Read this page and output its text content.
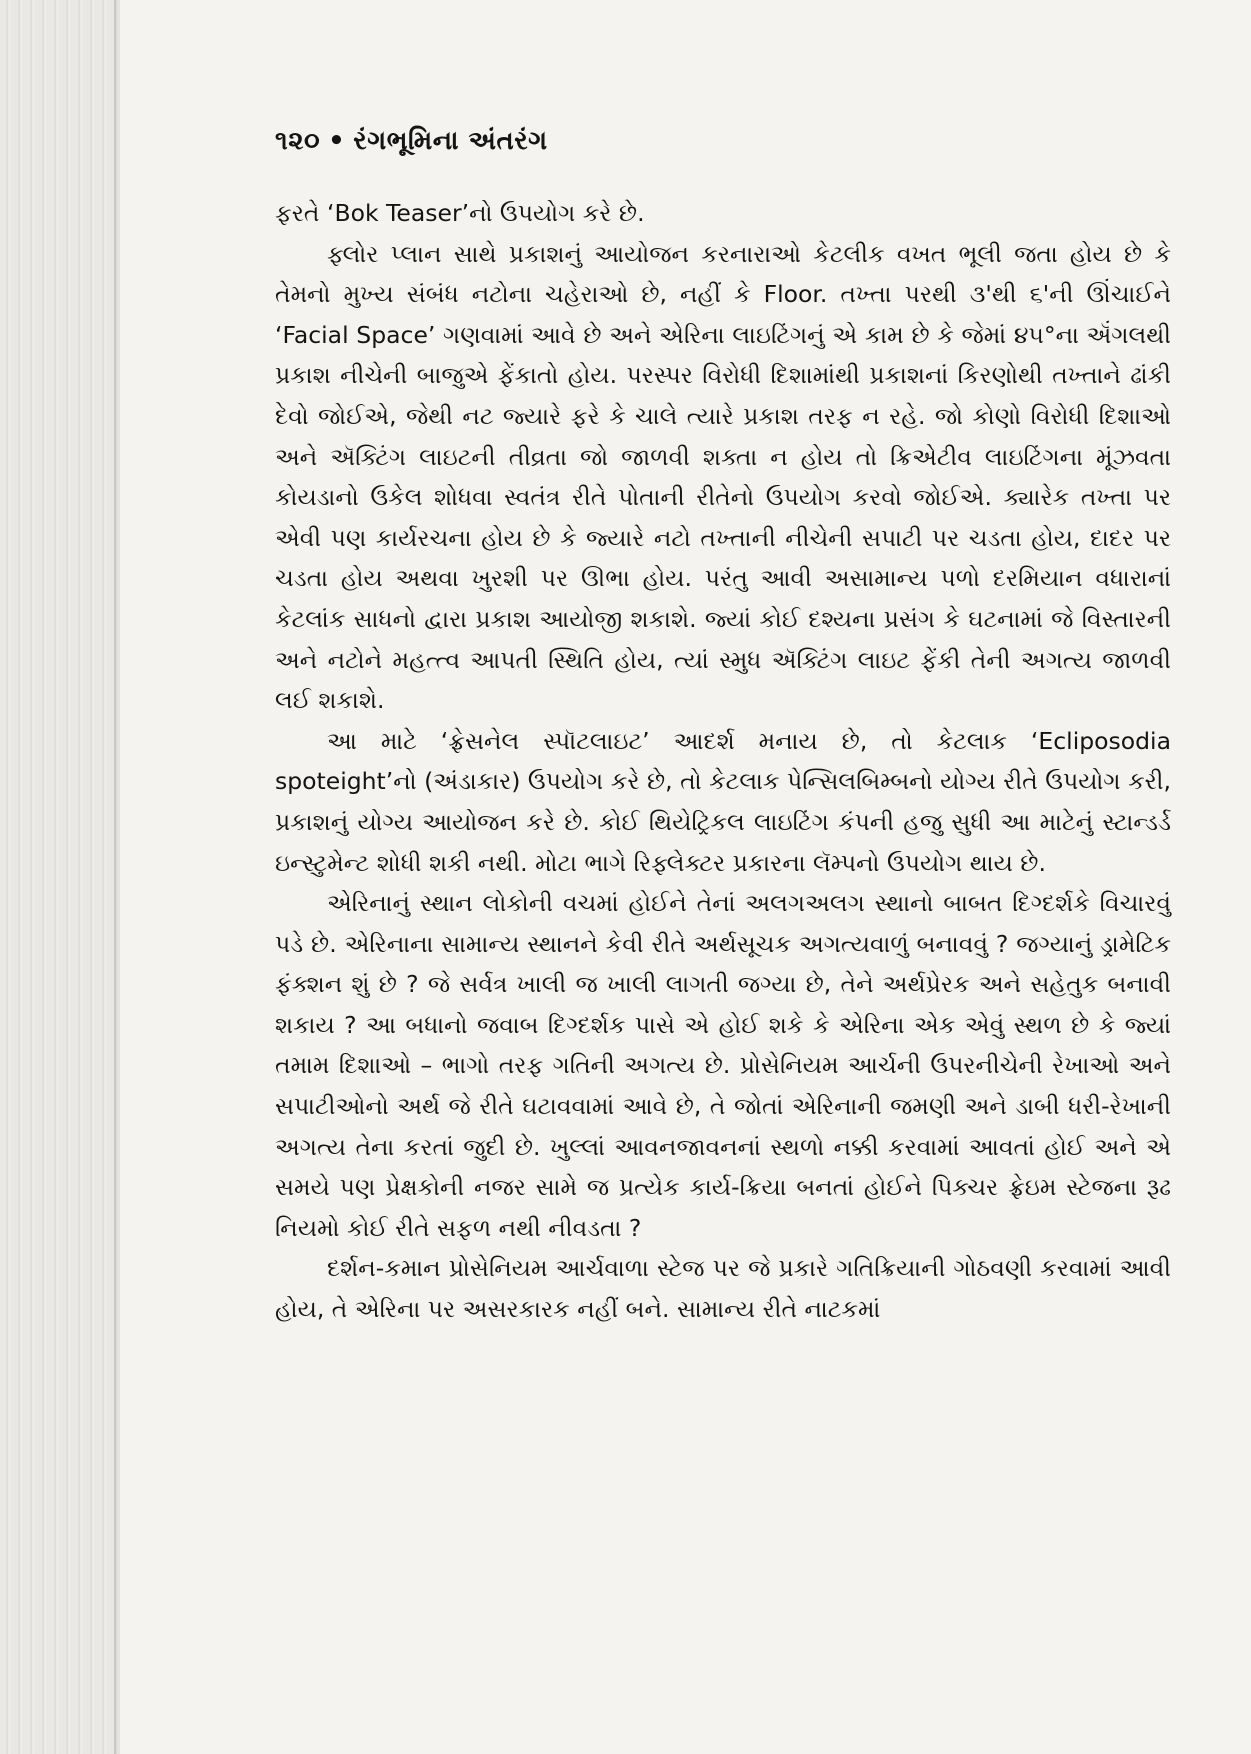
૧૨૦ • રંગભૂમિના અંતરંગ

ફરતે ‘Bok Teaser’નો ઉપયોગ કરે છે.

ફ્લોર પ્લાન સાથે પ્રકાશનું આયોજન કરનારાઓ કેટલીક વખત ભૂલી જતા હોય છે કે તેમનો મુખ્ય સંબંધ નટોના ચહેરાઓ છે, નહીં કે Floor. તખ્તા પરથી ૩'થી ૬'ની ઊંચાઈને ‘Facial Space’ ગણવામાં આવે છે અને એરિના લાઇટિંગનું એ કામ છે કે જેમાં ૪૫°ના ઍંગલથી પ્રકાશ નીચેની બાજુએ ફેંકાતો હોય. પરસ્પર વિરોધી દિશામાંથી પ્રકાશનાં કિરણોથી તખ્તાને ઢાંકી દેવો જોઈએ, જેથી નટ જ્યારે ફરે કે ચાલે ત્યારે પ્રકાશ તરફ ન રહે. જો કોણો વિરોધી દિશાઓ અને ઍક્ટિંગ લાઇટની તીવ્રતા જો જાળવી શક્તા ન હોય તો ક્રિએટીવ લાઇટિંગના મૂંઝવતા કોયડાનો ઉકેલ શોધવા સ્વતંત્ર રીતે પોતાની રીતેનો ઉપયોગ કરવો જોઈએ. ક્યારેક તખ્તા પર એવી પણ કાર્યરચના હોય છે કે જ્યારે નટો તખ્તાની નીચેની સપાટી પર ચડતા હોય, દાદર પર ચડતા હોય અથવા ખુરશી પર ઊભા હોય. પરંતુ આવી અસામાન્ય પળો દરમિયાન વધારાનાં કેટલાંક સાધનો દ્વારા પ્રકાશ આયોજી શકાશે. જ્યાં કોઈ દશ્યના પ્રસંગ કે ઘટનામાં જે વિસ્તારની અને નટોને મહત્ત્વ આપતી સ્થિતિ હોય, ત્યાં સ્મુધ ઍક્ટિંગ લાઇટ ફેંકી તેની અગત્ય જાળવી લઈ શકાશે.

આ માટે ‘ફ્રેસનેલ સ્પૉટલાઇટ’ આદર્શ મનાય છે, તો કેટલાક ‘Ecliposodia spoteight’નો (અંડાકાર) ઉપયોગ કરે છે, તો કેટલાક પેન્સિલબિમ્બનો યોગ્ય રીતે ઉપયોગ કરી, પ્રકાશનું યોગ્ય આયોજન કરે છે. કોઈ થિયેટ્રિકલ લાઇટિંગ કંપની હજુ સુધી આ માટેનું સ્ટાન્ડર્ડ ઇન્સ્ટુમેન્ટ શોધી શકી નથી. મોટા ભાગે રિફ્લેક્ટર પ્રકારના લૅમ્પનો ઉપયોગ થાય છે.

એરિનાનું સ્થાન લોકોની વચમાં હોઈને તેનાં અલગઅલગ સ્થાનો બાબત દિગ્દર્શકે વિચારવું પડે છે. એરિનાના સામાન્ય સ્થાનને કેવી રીતે અર્થસૂચક અગત્યવાળું બનાવવું ? જગ્યાનું ડ્રામેટિક ફંક્શન શું છે ? જે સર્વત્ર ખાલી જ ખાલી લાગતી જગ્યા છે, તેને અર્થપ્રેરક અને સહેતુક બનાવી શકાય ? આ બધાનો જવાબ દિગ્દર્શક પાસે એ હોઈ શકે કે એરિના એક એવું સ્થળ છે કે જ્યાં તમામ દિશાઓ – ભાગો તરફ ગતિની અગત્ય છે. પ્રોસેનિયમ આર્ચની ઉપરનીચેની રેખાઓ અને સપાટીઓનો અર્થ જે રીતે ઘટાવવામાં આવે છે, તે જોતાં એરિનાની જમણી અને ડાબી ધરી-રેખાની અગત્ય તેના કરતાં જુદી છે. ખુલ્લાં આવનજાવનનાં સ્થળો નક્કી કરવામાં આવતાં હોઈ અને એ સમયે પણ પ્રેક્ષકોની નજર સામે જ પ્રત્યેક કાર્ય-ક્રિયા બનતાં હોઈને પિક્ચર ફ્રેઇમ સ્ટેજના રૂઢ નિયમો કોઈ રીતે સફળ નથી નીવડતા ?

દર્શન-કમાન પ્રોસેનિયમ આર્ચવાળા સ્ટેજ પર જે પ્રકારે ગતિક્રિયાની ગોઠવણી કરવામાં આવી હોય, તે એરિના પર અસરકારક નહીં બને. સામાન્ય રીતે નાટકમાં
